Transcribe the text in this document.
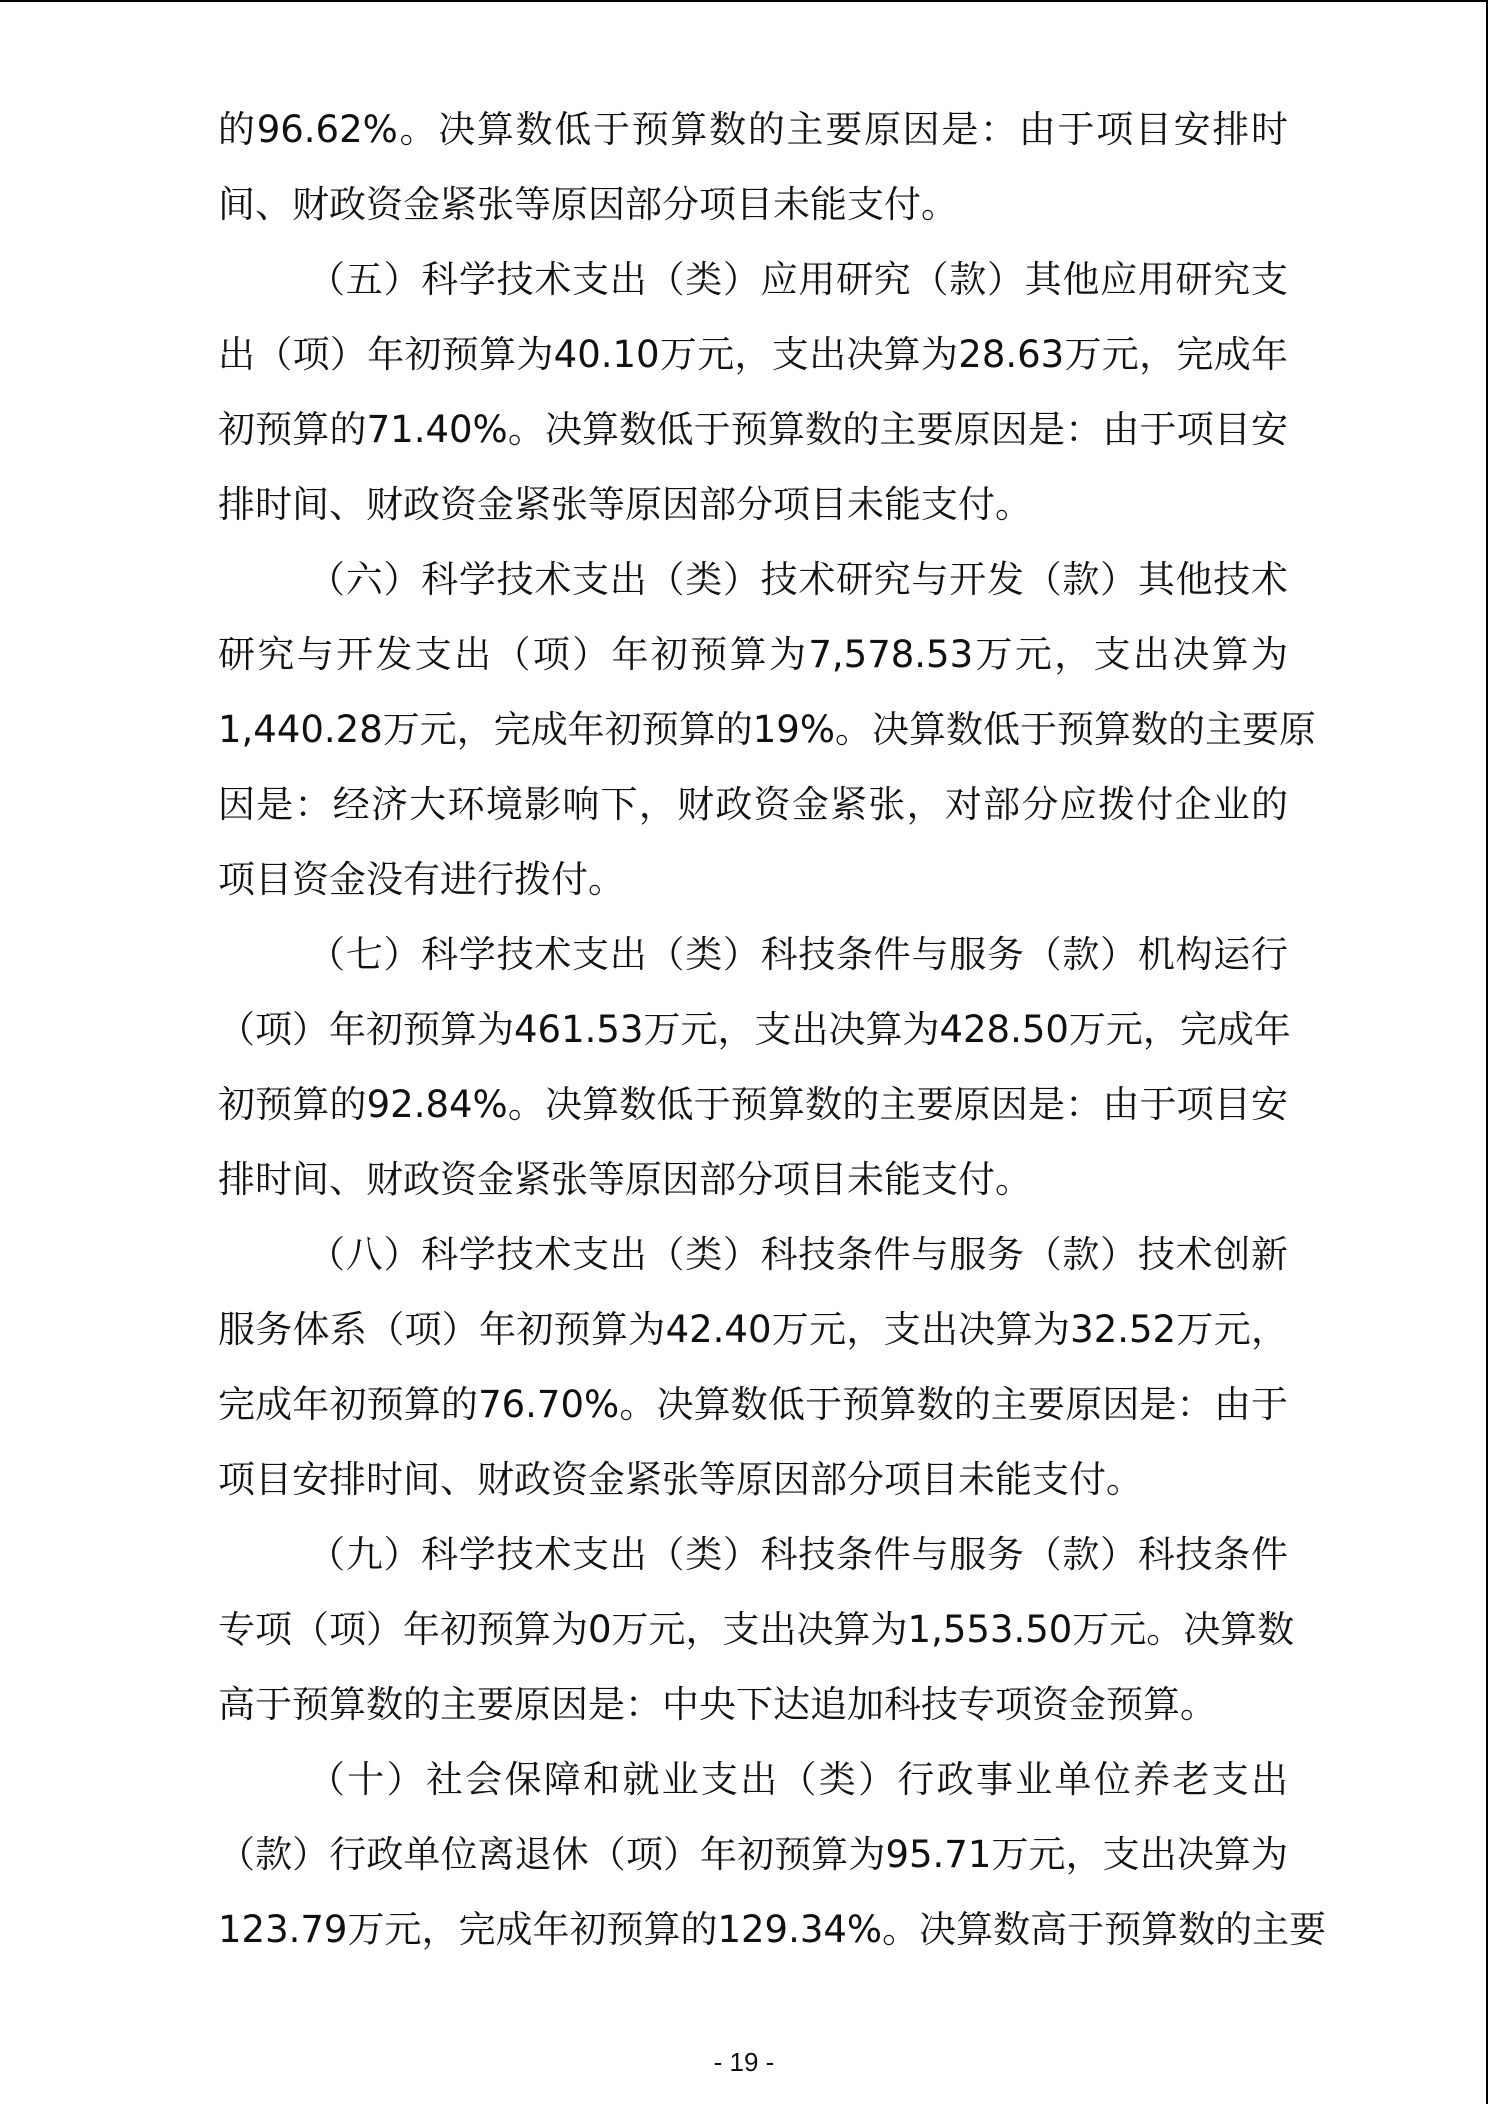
的96.62%。决算数低于预算数的主要原因是：由于项目安排时
间、财政资金紧张等原因部分项目未能支付。
（五）科学技术支出（类）应用研究（款）其他应用研究支
出（项）年初预算为40.10万元，支出决算为28.63万元，完成年
初预算的71.40%。决算数低于预算数的主要原因是：由于项目安
排时间、财政资金紧张等原因部分项目未能支付。
（六）科学技术支出（类）技术研究与开发（款）其他技术
研究与开发支出（项）年初预算为7,578.53万元，支出决算为
1,440.28万元，完成年初预算的19%。决算数低于预算数的主要原
因是：经济大环境影响下，财政资金紧张，对部分应拨付企业的
项目资金没有进行拨付。
（七）科学技术支出（类）科技条件与服务（款）机构运行
（项）年初预算为461.53万元，支出决算为428.50万元，完成年
初预算的92.84%。决算数低于预算数的主要原因是：由于项目安
排时间、财政资金紧张等原因部分项目未能支付。
（八）科学技术支出（类）科技条件与服务（款）技术创新
服务体系（项）年初预算为42.40万元，支出决算为32.52万元，
完成年初预算的76.70%。决算数低于预算数的主要原因是：由于
项目安排时间、财政资金紧张等原因部分项目未能支付。
（九）科学技术支出（类）科技条件与服务（款）科技条件
专项（项）年初预算为0万元，支出决算为1,553.50万元。决算数
高于预算数的主要原因是：中央下达追加科技专项资金预算。
（十）社会保障和就业支出（类）行政事业单位养老支出
（款）行政单位离退休（项）年初预算为95.71万元，支出决算为
123.79万元，完成年初预算的129.34%。决算数高于预算数的主要
- 19 -
